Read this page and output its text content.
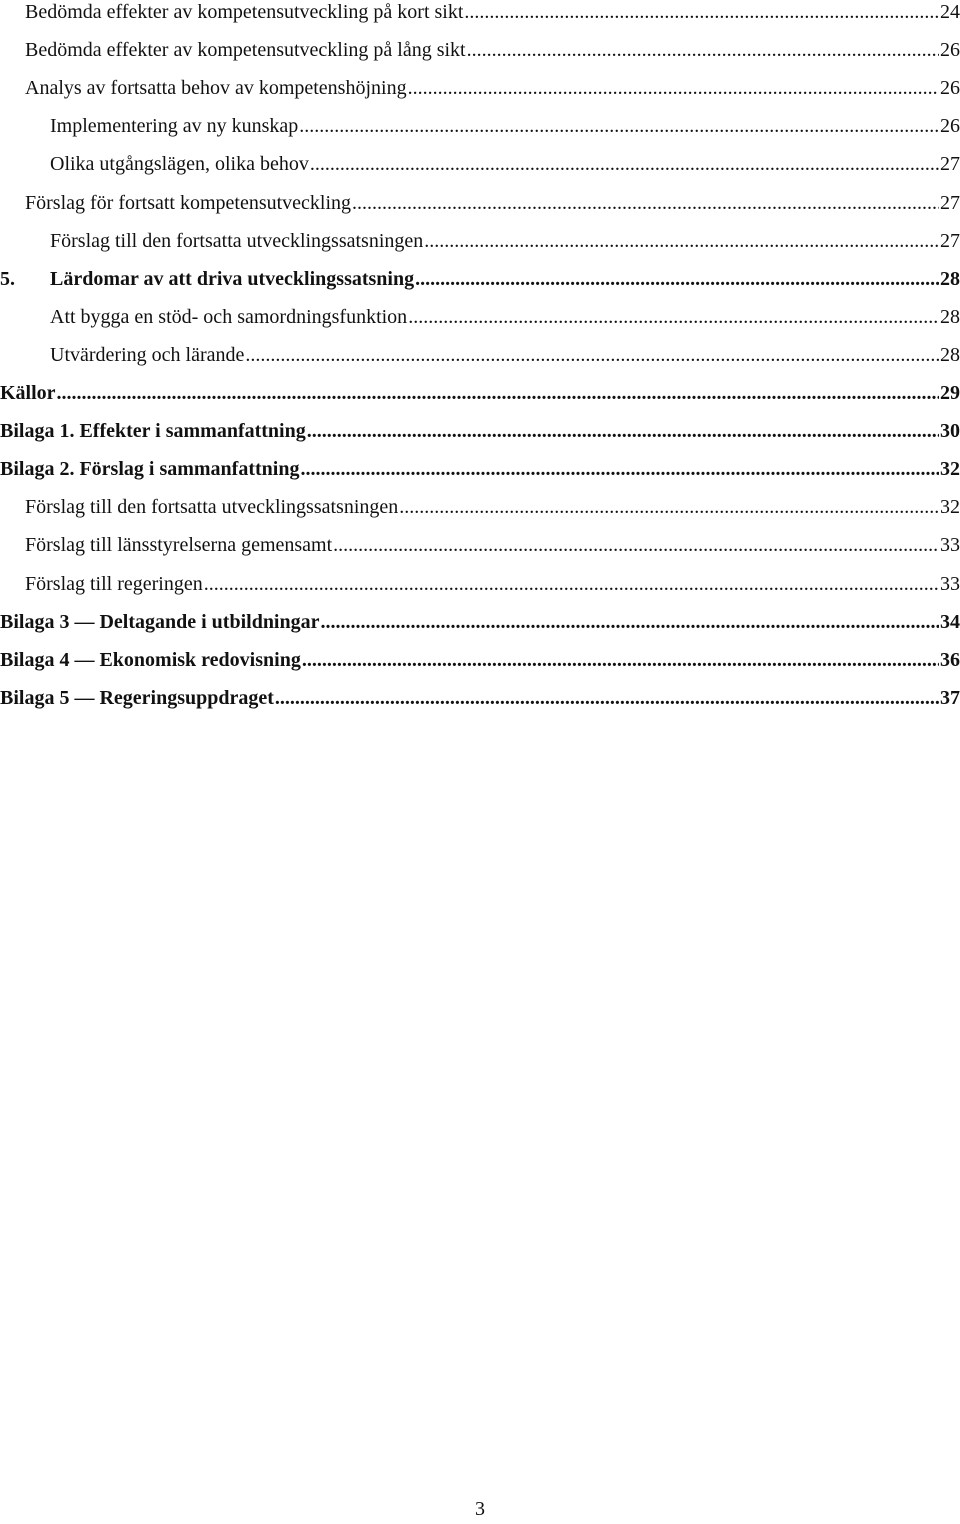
Bedömda effekter av kompetensutveckling på kort sikt .....	24
Bedömda effekter av kompetensutveckling på lång sikt .....	26
Analys av fortsatta behov av kompetenshöjning .....	26
Implementering av ny kunskap .....	26
Olika utgångslägen, olika behov .....	27
Förslag för fortsatt kompetensutveckling .....	27
Förslag till den fortsatta utvecklingssatsningen .....	27
5.	Lärdomar av att driva utvecklingssatsning .....	28
Att bygga en stöd- och samordningsfunktion .....	28
Utvärdering och lärande .....	28
Källor .....	29
Bilaga 1. Effekter i sammanfattning .....	30
Bilaga 2. Förslag i sammanfattning .....	32
Förslag till den fortsatta utvecklingssatsningen .....	32
Förslag till länsstyrelserna gemensamt .....	33
Förslag till regeringen .....	33
Bilaga 3 — Deltagande i utbildningar .....	34
Bilaga 4 — Ekonomisk redovisning .....	36
Bilaga 5 — Regeringsuppdraget .....	37
3
